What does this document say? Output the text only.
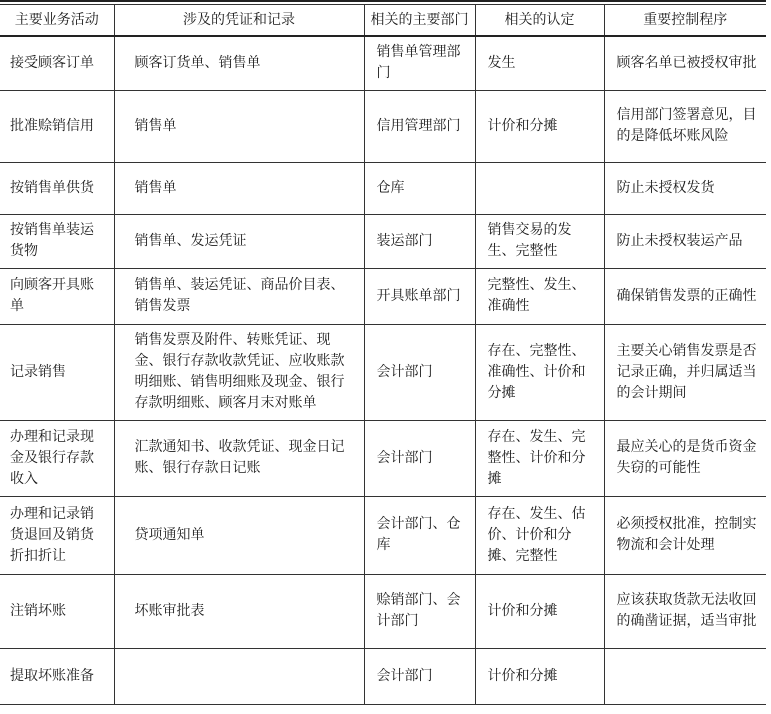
主要业务活动	涉及的凭证和记录	相关的主要部门	相关的认定	重要控制程序
接受顾客订单	顾客订货单、销售单	销售单管理部门	发生	顾客名单已被授权审批
批准赊销信用	销售单	信用管理部门	计价和分摊	信用部门签署意见，目的是降低坏账风险
按销售单供货	销售单	仓库		防止未授权发货
按销售单装运货物	销售单、发运凭证	装运部门	销售交易的发生、完整性	防止未授权装运产品
向顾客开具账单	销售单、装运凭证、商品价目表、销售发票	开具账单部门	完整性、发生、准确性	确保销售发票的正确性
记录销售	销售发票及附件、转账凭证、现金、银行存款收款凭证、应收账款明细账、销售明细账及现金、银行存款明细账、顾客月末对账单	会计部门	存在、完整性、准确性、计价和分摊	主要关心销售发票是否记录正确，并归属适当的会计期间
办理和记录现金及银行存款收入	汇款通知书、收款凭证、现金日记账、银行存款日记账	会计部门	存在、发生、完整性、计价和分摊	最应关心的是货币资金失窃的可能性
办理和记录销货退回及销货折扣折让	贷项通知单	会计部门、仓库	存在、发生、估价、计价和分摊、完整性	必须授权批准，控制实物流和会计处理
注销坏账	坏账审批表	赊销部门、会计部门	计价和分摊	应该获取货款无法收回的确凿证据，适当审批
提取坏账准备		会计部门	计价和分摊	
